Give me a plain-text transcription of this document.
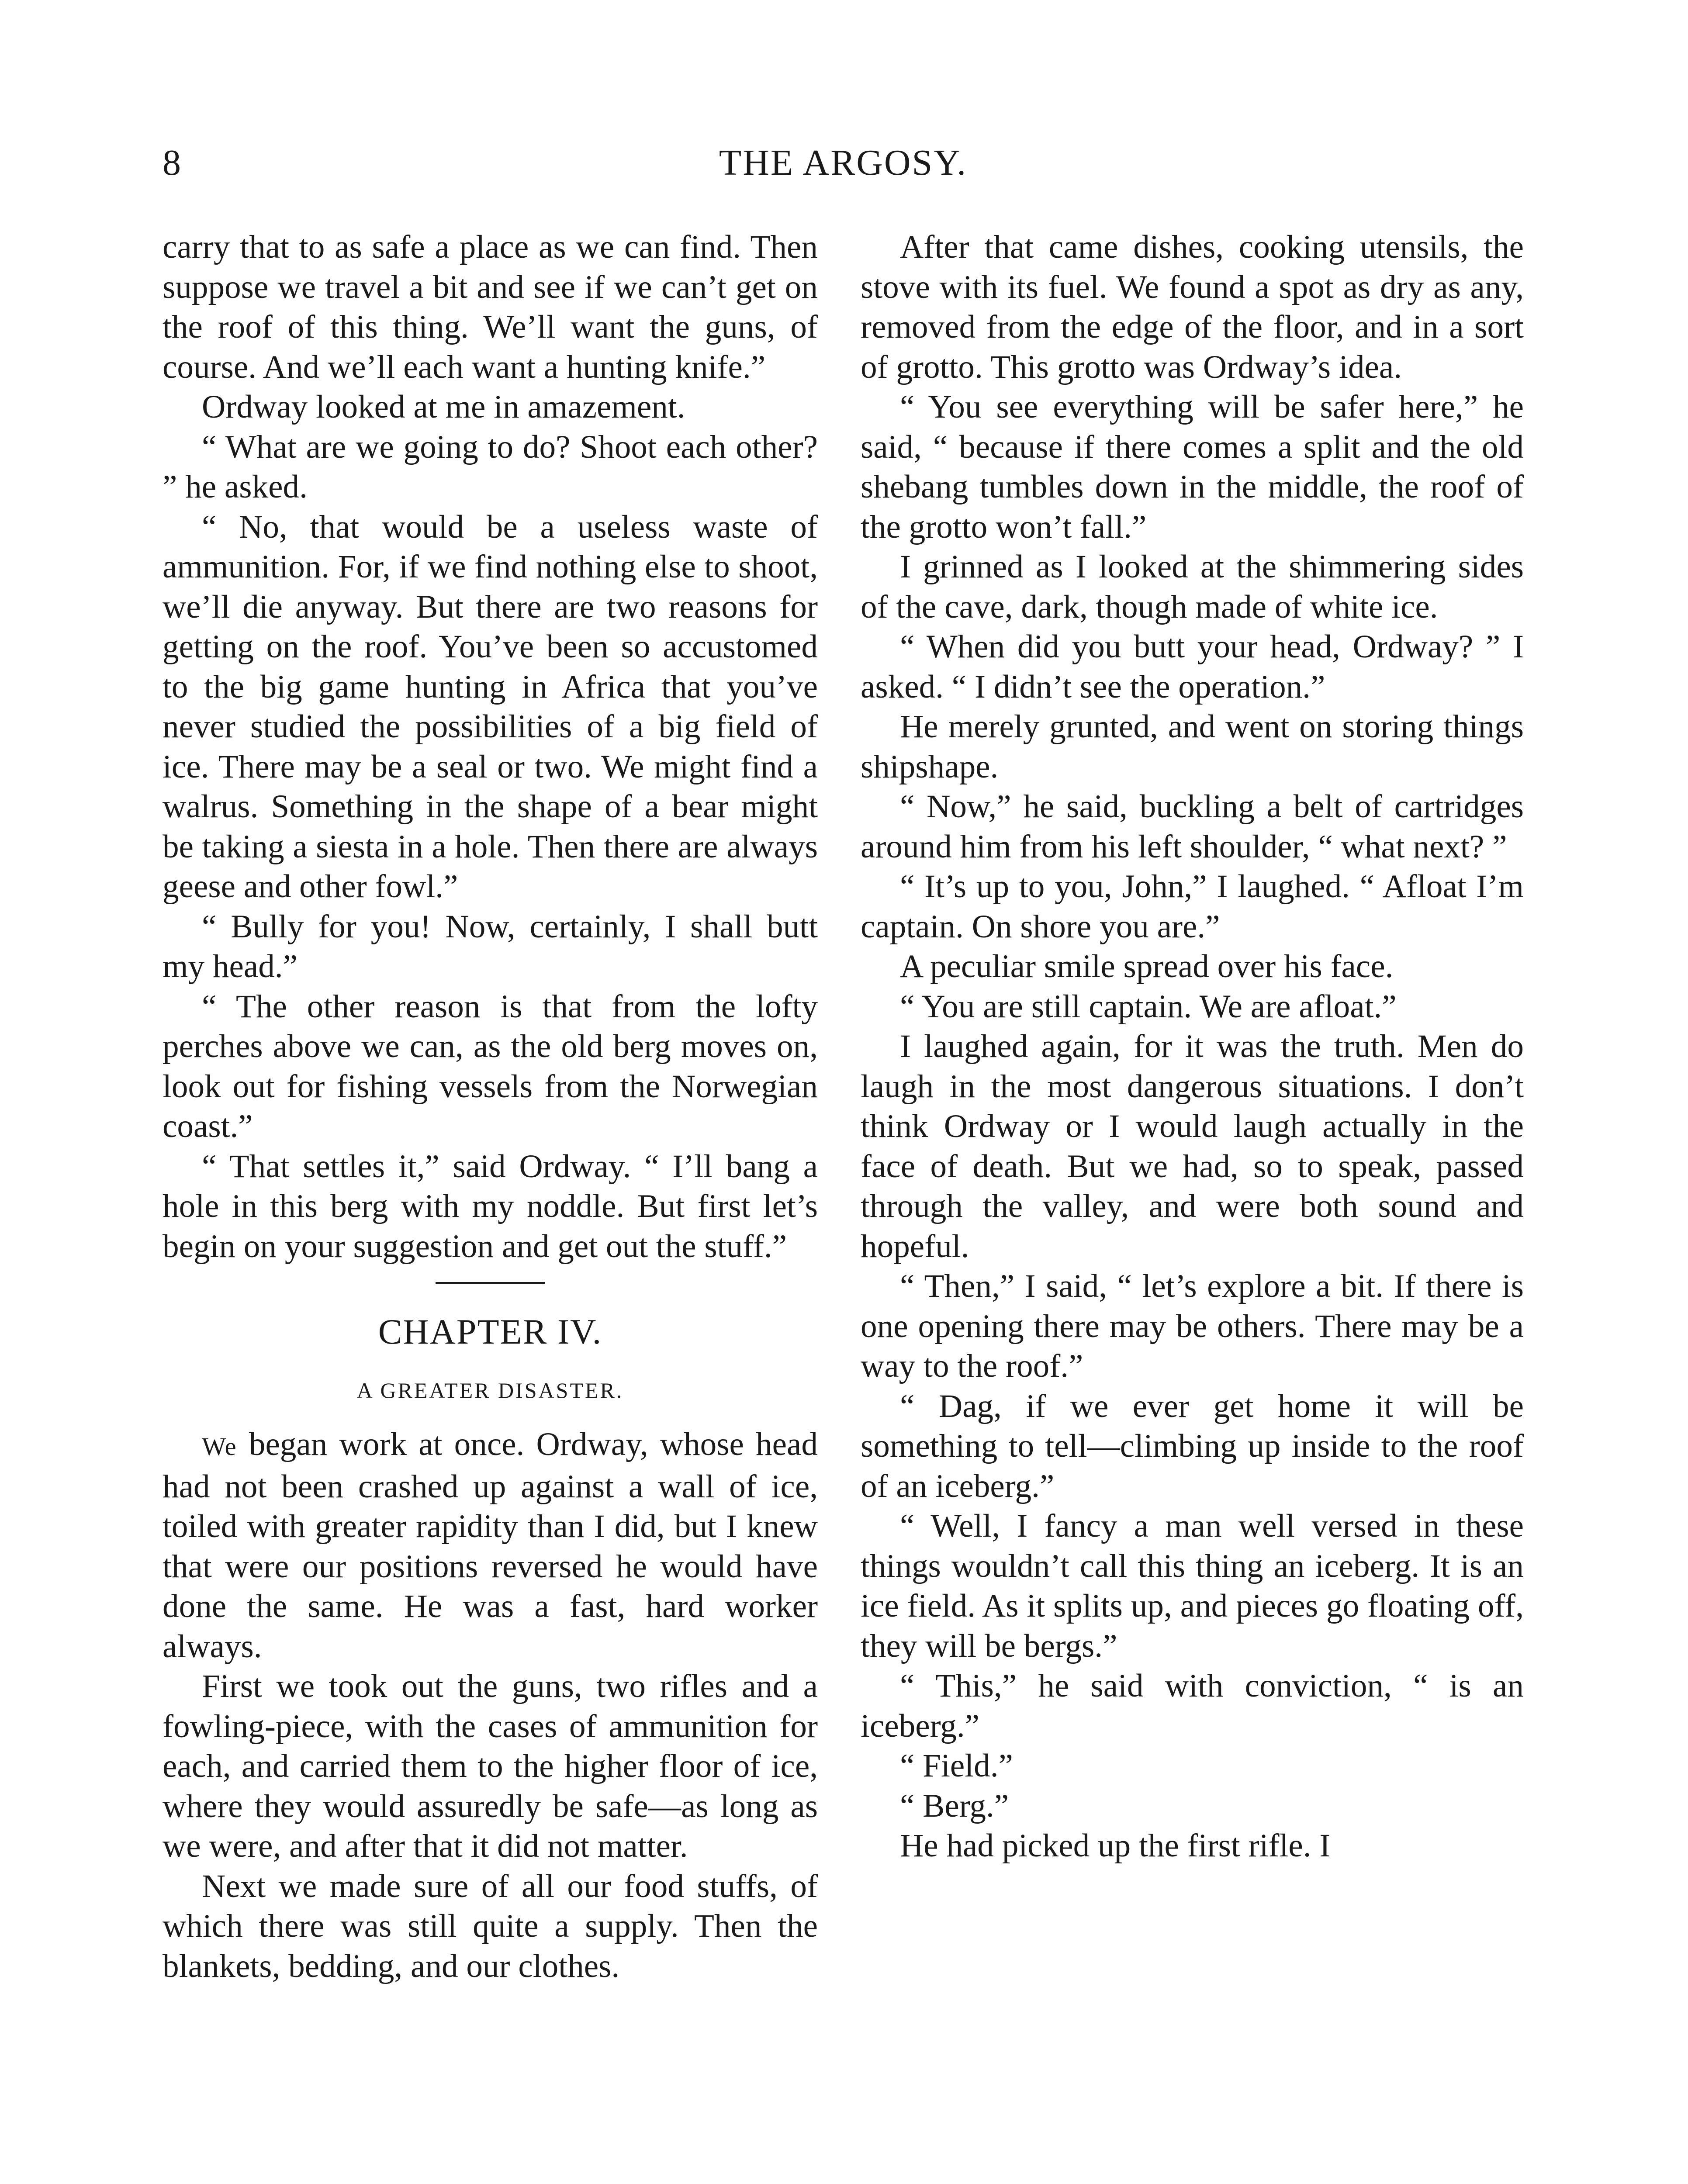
8	THE ARGOSY.

carry that to as safe a place as we can find. Then suppose we travel a bit and see if we can’t get on the roof of this thing. We’ll want the guns, of course. And we’ll each want a hunting knife.”

Ordway looked at me in amazement.

“ What are we going to do? Shoot each other? ” he asked.

“ No, that would be a useless waste of ammunition. For, if we find nothing else to shoot, we’ll die anyway. But there are two reasons for getting on the roof. You’ve been so accustomed to the big game hunting in Africa that you’ve never studied the possibilities of a big field of ice. There may be a seal or two. We might find a walrus. Something in the shape of a bear might be taking a siesta in a hole. Then there are always geese and other fowl.”

“ Bully for you! Now, certainly, I shall butt my head.”

“ The other reason is that from the lofty perches above we can, as the old berg moves on, look out for fishing vessels from the Norwegian coast.”

“ That settles it,” said Ordway. “ I’ll bang a hole in this berg with my noddle. But first let’s begin on your suggestion and get out the stuff.”

CHAPTER IV.
A GREATER DISASTER.

We began work at once. Ordway, whose head had not been crashed up against a wall of ice, toiled with greater rapidity than I did, but I knew that were our positions reversed he would have done the same. He was a fast, hard worker always.

First we took out the guns, two rifles and a fowling-piece, with the cases of ammunition for each, and carried them to the higher floor of ice, where they would assuredly be safe—as long as we were, and after that it did not matter.

Next we made sure of all our food stuffs, of which there was still quite a supply. Then the blankets, bedding, and our clothes.

After that came dishes, cooking utensils, the stove with its fuel. We found a spot as dry as any, removed from the edge of the floor, and in a sort of grotto. This grotto was Ordway’s idea.

“ You see everything will be safer here,” he said, “ because if there comes a split and the old shebang tumbles down in the middle, the roof of the grotto won’t fall.”

I grinned as I looked at the shimmering sides of the cave, dark, though made of white ice.

“ When did you butt your head, Ordway? ” I asked. “ I didn’t see the operation.”

He merely grunted, and went on storing things shipshape.

“ Now,” he said, buckling a belt of cartridges around him from his left shoulder, “ what next? ”

“ It’s up to you, John,” I laughed. “ Afloat I’m captain. On shore you are.”

A peculiar smile spread over his face.

“ You are still captain. We are afloat.”

I laughed again, for it was the truth. Men do laugh in the most dangerous situations. I don’t think Ordway or I would laugh actually in the face of death. But we had, so to speak, passed through the valley, and were both sound and hopeful.

“ Then,” I said, “ let’s explore a bit. If there is one opening there may be others. There may be a way to the roof.”

“ Dag, if we ever get home it will be something to tell—climbing up inside to the roof of an iceberg.”

“ Well, I fancy a man well versed in these things wouldn’t call this thing an iceberg. It is an ice field. As it splits up, and pieces go floating off, they will be bergs.”

“ This,” he said with conviction, “ is an iceberg.”

“ Field.”

“ Berg.”

He had picked up the first rifle. I
